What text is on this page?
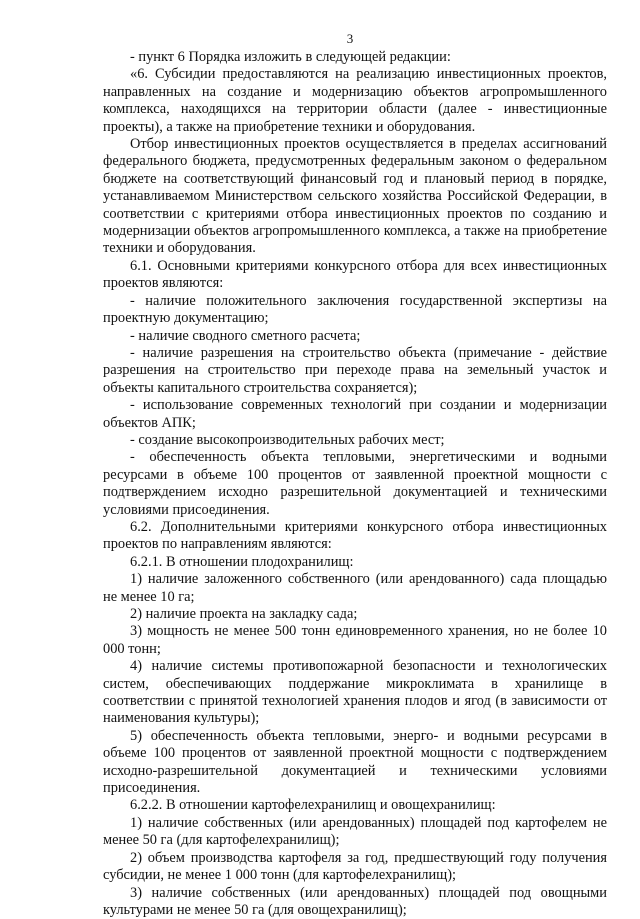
3

- пункт 6 Порядка изложить в следующей редакции:

«6. Субсидии предоставляются на реализацию инвестиционных проектов, направленных на создание и модернизацию объектов агропромышленного комплекса, находящихся на территории области (далее - инвестиционные проекты), а также на приобретение техники и оборудования.

Отбор инвестиционных проектов осуществляется в пределах ассигнований федерального бюджета, предусмотренных федеральным законом о федеральном бюджете на соответствующий финансовый год и плановый период в порядке, устанавливаемом Министерством сельского хозяйства Российской Федерации, в соответствии с критериями отбора инвестиционных проектов по созданию и модернизации объектов агропромышленного комплекса, а также на приобретение техники и оборудования.

6.1. Основными критериями конкурсного отбора для всех инвестиционных проектов являются:

- наличие положительного заключения государственной экспертизы на проектную документацию;

- наличие сводного сметного расчета;

- наличие разрешения на строительство объекта (примечание - действие разрешения на строительство при переходе права на земельный участок и объекты капитального строительства сохраняется);

- использование современных технологий при создании и модернизации объектов АПК;

- создание высокопроизводительных рабочих мест;

- обеспеченность объекта тепловыми, энергетическими и водными ресурсами в объеме 100 процентов от заявленной проектной мощности с подтверждением исходно разрешительной документацией и техническими условиями присоединения.

6.2. Дополнительными критериями конкурсного отбора инвестиционных проектов по направлениям являются:

6.2.1. В отношении плодохранилищ:

1) наличие заложенного собственного (или арендованного) сада площадью не менее 10 га;

2) наличие проекта на закладку сада;

3) мощность не менее 500 тонн единовременного хранения, но не более 10 000 тонн;

4) наличие системы противопожарной безопасности и технологических систем, обеспечивающих поддержание микроклимата в хранилище в соответствии с принятой технологией хранения плодов и ягод (в зависимости от наименования культуры);

5) обеспеченность объекта тепловыми, энерго- и водными ресурсами в объеме 100 процентов от заявленной проектной мощности с подтверждением исходно-разрешительной документацией и техническими условиями присоединения.

6.2.2. В отношении картофелехранилищ и овощехранилищ:

1) наличие собственных (или арендованных) площадей под картофелем не менее 50 га (для картофелехранилищ);

2) объем производства картофеля за год, предшествующий году получения субсидии, не менее 1 000 тонн (для картофелехранилищ);

3) наличие собственных (или арендованных) площадей под овощными культурами не менее 50 га (для овощехранилищ);
